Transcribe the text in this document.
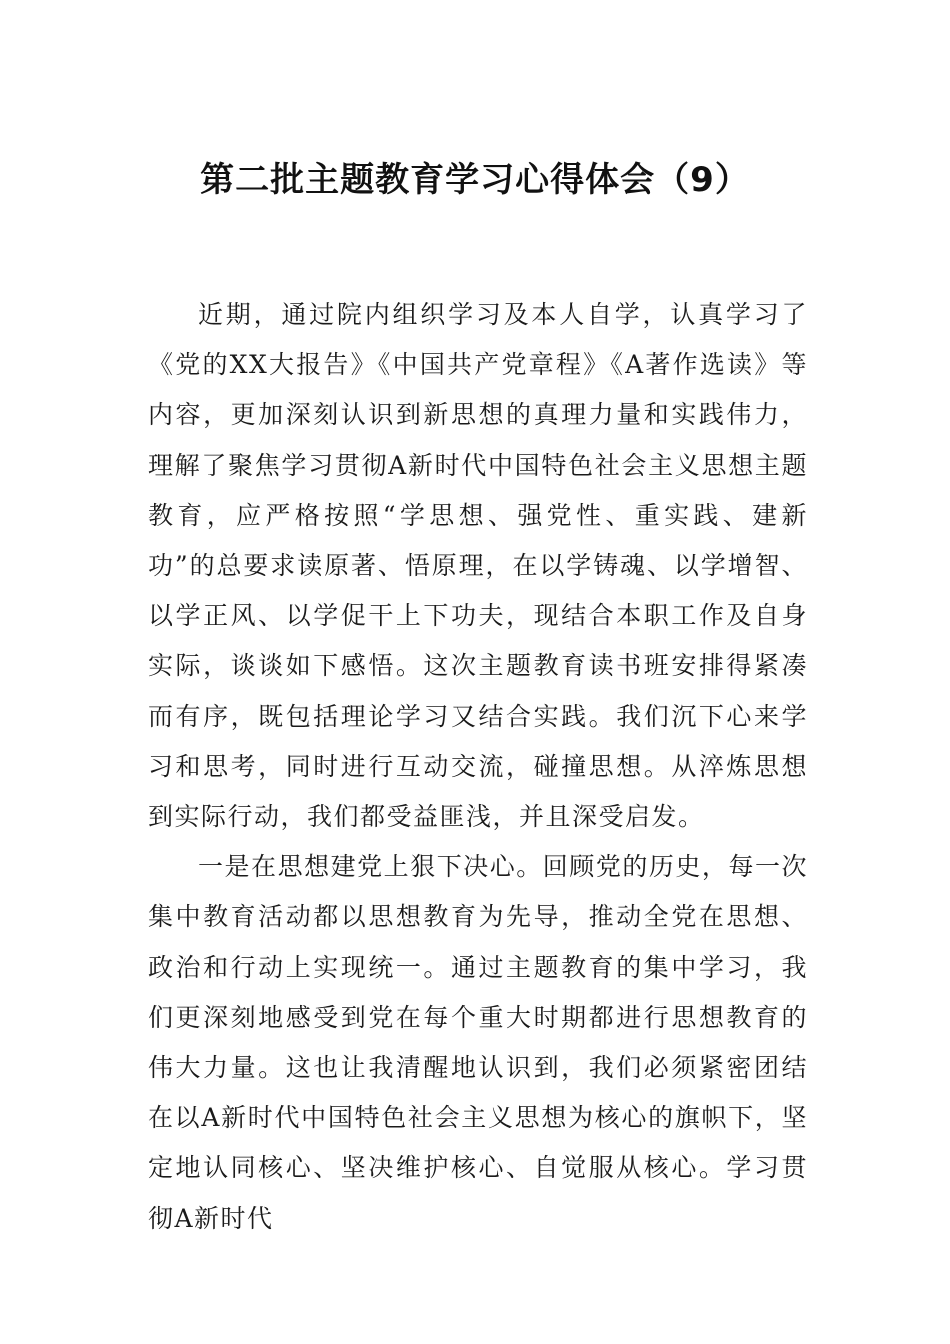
第二批主题教育学习心得体会（9）

近期，通过院内组织学习及本人自学，认真学习了《党的XX大报告》《中国共产党章程》《A著作选读》等内容，更加深刻认识到新思想的真理力量和实践伟力，理解了聚焦学习贯彻A新时代中国特色社会主义思想主题教育，应严格按照“学思想、强党性、重实践、建新功”的总要求读原著、悟原理，在以学铸魂、以学增智、以学正风、以学促干上下功夫，现结合本职工作及自身实际，谈谈如下感悟。这次主题教育读书班安排得紧凑而有序，既包括理论学习又结合实践。我们沉下心来学习和思考，同时进行互动交流，碰撞思想。从淬炼思想到实际行动，我们都受益匪浅，并且深受启发。

一是在思想建党上狠下决心。回顾党的历史，每一次集中教育活动都以思想教育为先导，推动全党在思想、政治和行动上实现统一。通过主题教育的集中学习，我们更深刻地感受到党在每个重大时期都进行思想教育的伟大力量。这也让我清醒地认识到，我们必须紧密团结在以A新时代中国特色社会主义思想为核心的旗帜下，坚定地认同核心、坚决维护核心、自觉服从核心。学习贯彻A新时代
